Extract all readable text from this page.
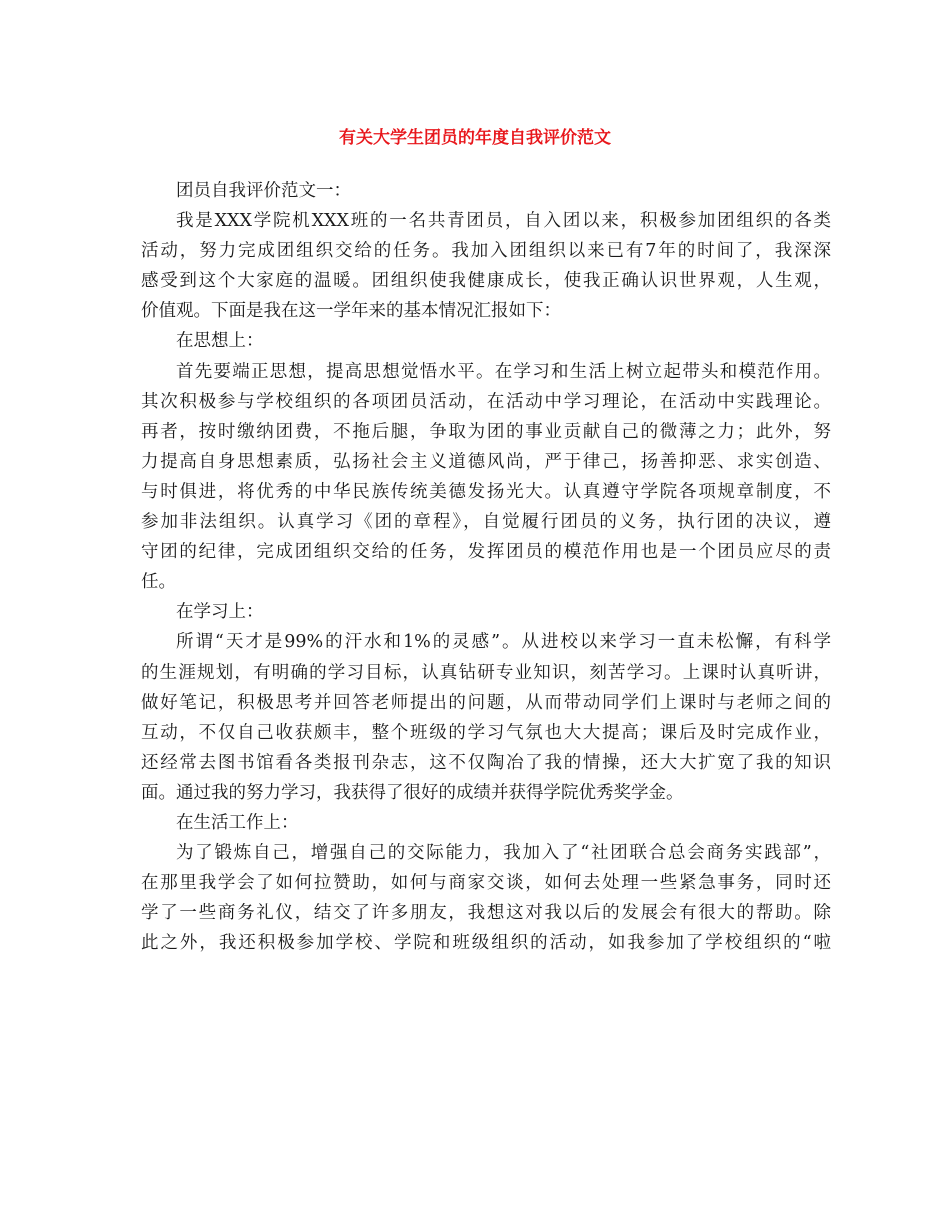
有关大学生团员的年度自我评价范文
团员自我评价范文一：
我是XXX学院机XXX班的一名共青团员，自入团以来，积极参加团组织的各类
活动，努力完成团组织交给的任务。我加入团组织以来已有7年的时间了，我深深
感受到这个大家庭的温暖。团组织使我健康成长，使我正确认识世界观，人生观，
价值观。下面是我在这一学年来的基本情况汇报如下：
在思想上：
首先要端正思想，提高思想觉悟水平。在学习和生活上树立起带头和模范作用。
其次积极参与学校组织的各项团员活动，在活动中学习理论，在活动中实践理论。
再者，按时缴纳团费，不拖后腿，争取为团的事业贡献自己的微薄之力；此外，努
力提高自身思想素质，弘扬社会主义道德风尚，严于律己，扬善抑恶、求实创造、
与时俱进，将优秀的中华民族传统美德发扬光大。认真遵守学院各项规章制度，不
参加非法组织。认真学习《团的章程》，自觉履行团员的义务，执行团的决议，遵
守团的纪律，完成团组织交给的任务，发挥团员的模范作用也是一个团员应尽的责
任。
在学习上：
所谓“天才是99%的汗水和1%的灵感”。从进校以来学习一直未松懈，有科学
的生涯规划，有明确的学习目标，认真钻研专业知识，刻苦学习。上课时认真听讲，
做好笔记，积极思考并回答老师提出的问题，从而带动同学们上课时与老师之间的
互动，不仅自己收获颇丰，整个班级的学习气氛也大大提高；课后及时完成作业，
还经常去图书馆看各类报刊杂志，这不仅陶冶了我的情操，还大大扩宽了我的知识
面。通过我的努力学习，我获得了很好的成绩并获得学院优秀奖学金。
在生活工作上：
为了锻炼自己，增强自己的交际能力，我加入了“社团联合总会商务实践部”，
在那里我学会了如何拉赞助，如何与商家交谈，如何去处理一些紧急事务，同时还
学了一些商务礼仪，结交了许多朋友，我想这对我以后的发展会有很大的帮助。除
此之外，我还积极参加学校、学院和班级组织的活动，如我参加了学校组织的“啦
